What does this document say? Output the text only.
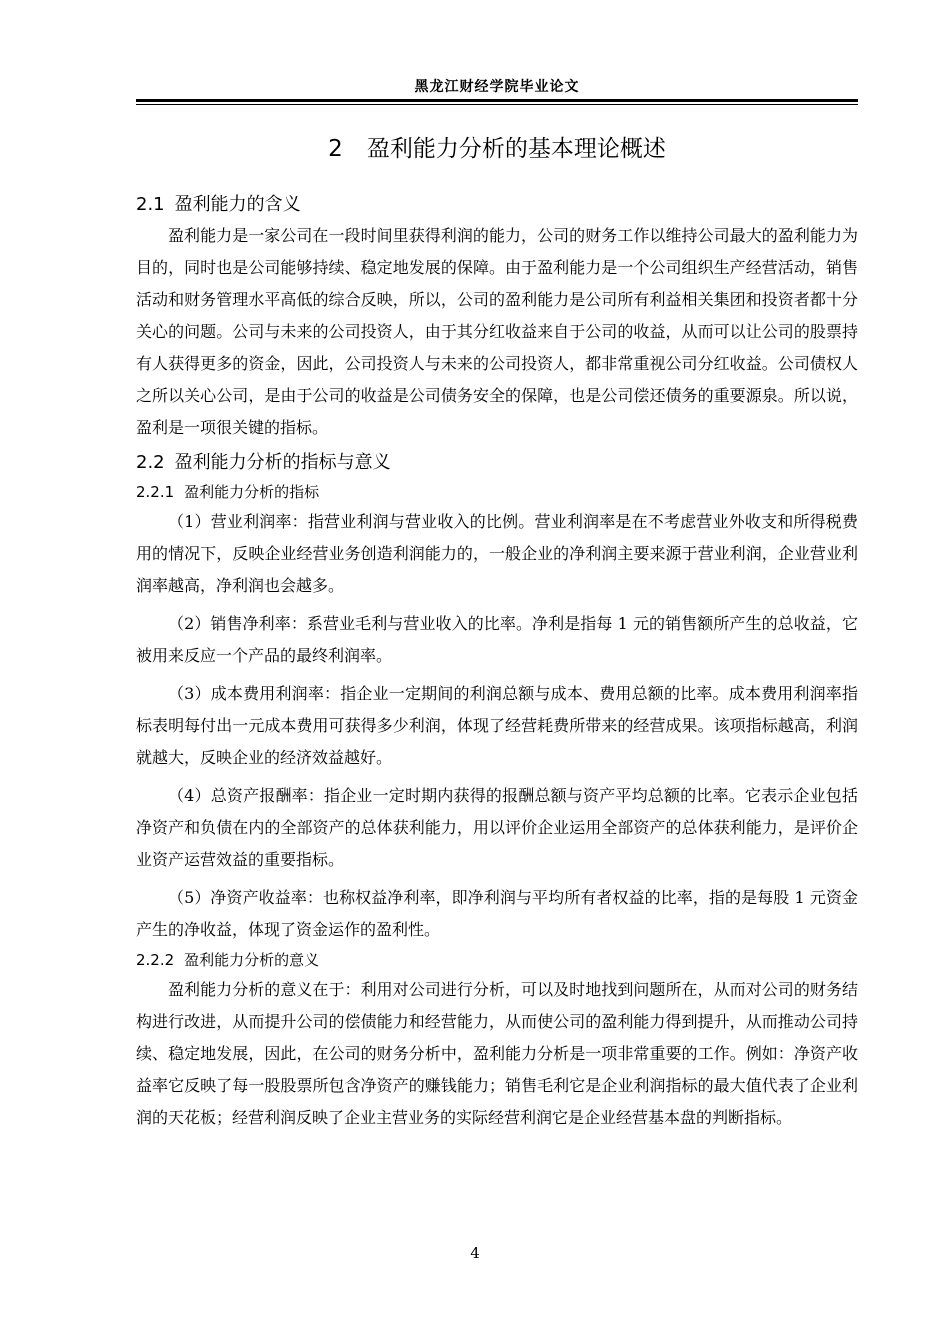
黑龙江财经学院毕业论文
2 盈利能力分析的基本理论概述
2.1 盈利能力的含义

盈利能力是一家公司在一段时间里获得利润的能力，公司的财务工作以维持公司最大的盈利能力为目的，同时也是公司能够持续、稳定地发展的保障。由于盈利能力是一个公司组织生产经营活动，销售活动和财务管理水平高低的综合反映，所以，公司的盈利能力是公司所有利益相关集团和投资者都十分关心的问题。公司与未来的公司投资人，由于其分红收益来自于公司的收益，从而可以让公司的股票持有人获得更多的资金，因此，公司投资人与未来的公司投资人，都非常重视公司分红收益。公司债权人之所以关心公司，是由于公司的收益是公司债务安全的保障，也是公司偿还债务的重要源泉。所以说，盈利是一项很关键的指标。

2.2 盈利能力分析的指标与意义
2.2.1 盈利能力分析的指标

（1）营业利润率：指营业利润与营业收入的比例。营业利润率是在不考虑营业外收支和所得税费用的情况下，反映企业经营业务创造利润能力的，一般企业的净利润主要来源于营业利润，企业营业利润率越高，净利润也会越多。

（2）销售净利率：系营业毛利与营业收入的比率。净利是指每 1 元的销售额所产生的总收益，它被用来反应一个产品的最终利润率。

（3）成本费用利润率：指企业一定期间的利润总额与成本、费用总额的比率。成本费用利润率指标表明每付出一元成本费用可获得多少利润，体现了经营耗费所带来的经营成果。该项指标越高，利润就越大，反映企业的经济效益越好。

（4）总资产报酬率：指企业一定时期内获得的报酬总额与资产平均总额的比率。它表示企业包括净资产和负债在内的全部资产的总体获利能力，用以评价企业运用全部资产的总体获利能力，是评价企业资产运营效益的重要指标。

（5）净资产收益率：也称权益净利率，即净利润与平均所有者权益的比率，指的是每股 1 元资金产生的净收益，体现了资金运作的盈利性。

2.2.2 盈利能力分析的意义

盈利能力分析的意义在于：利用对公司进行分析，可以及时地找到问题所在，从而对公司的财务结构进行改进，从而提升公司的偿债能力和经营能力，从而使公司的盈利能力得到提升，从而推动公司持续、稳定地发展，因此，在公司的财务分析中，盈利能力分析是一项非常重要的工作。例如：净资产收益率它反映了每一股股票所包含净资产的赚钱能力；销售毛利它是企业利润指标的最大值代表了企业利润的天花板；经营利润反映了企业主营业务的实际经营利润它是企业经营基本盘的判断指标。

4
